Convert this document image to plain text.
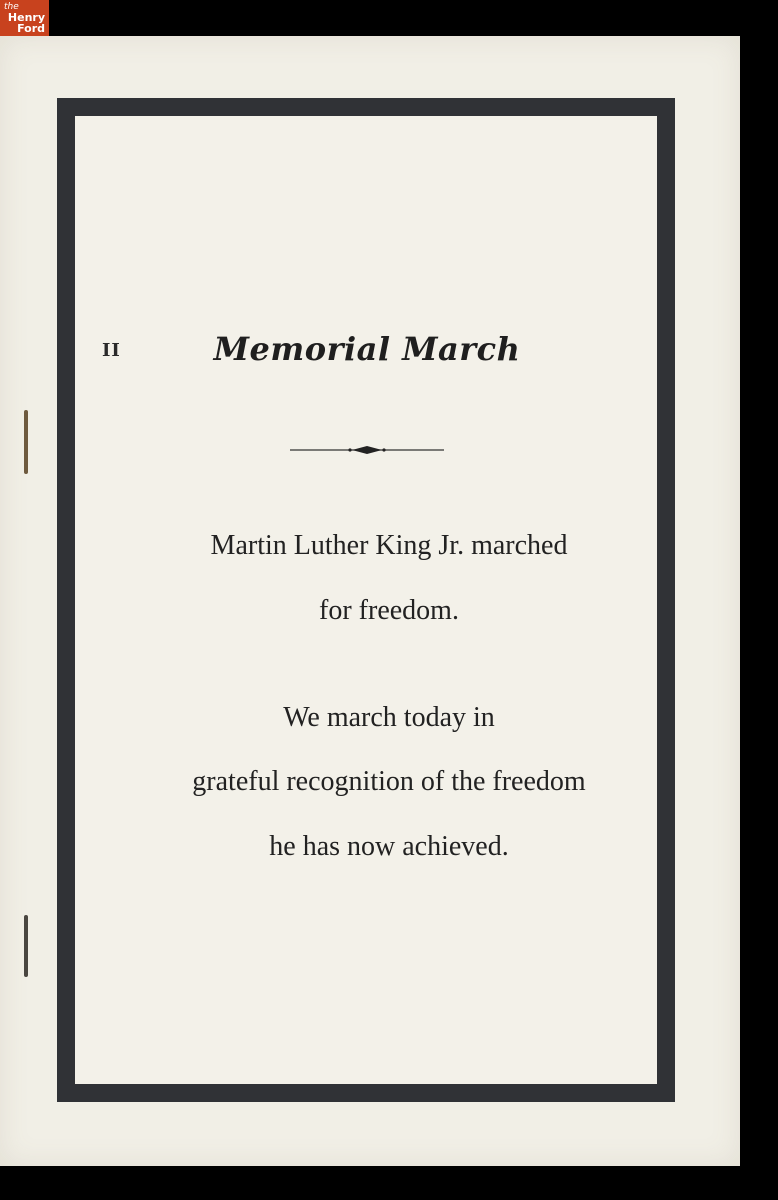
the
Henry
Ford
II	Memorial March
Martin Luther King Jr. marched
for freedom.
We march today in
grateful recognition of the freedom
he has now achieved.
